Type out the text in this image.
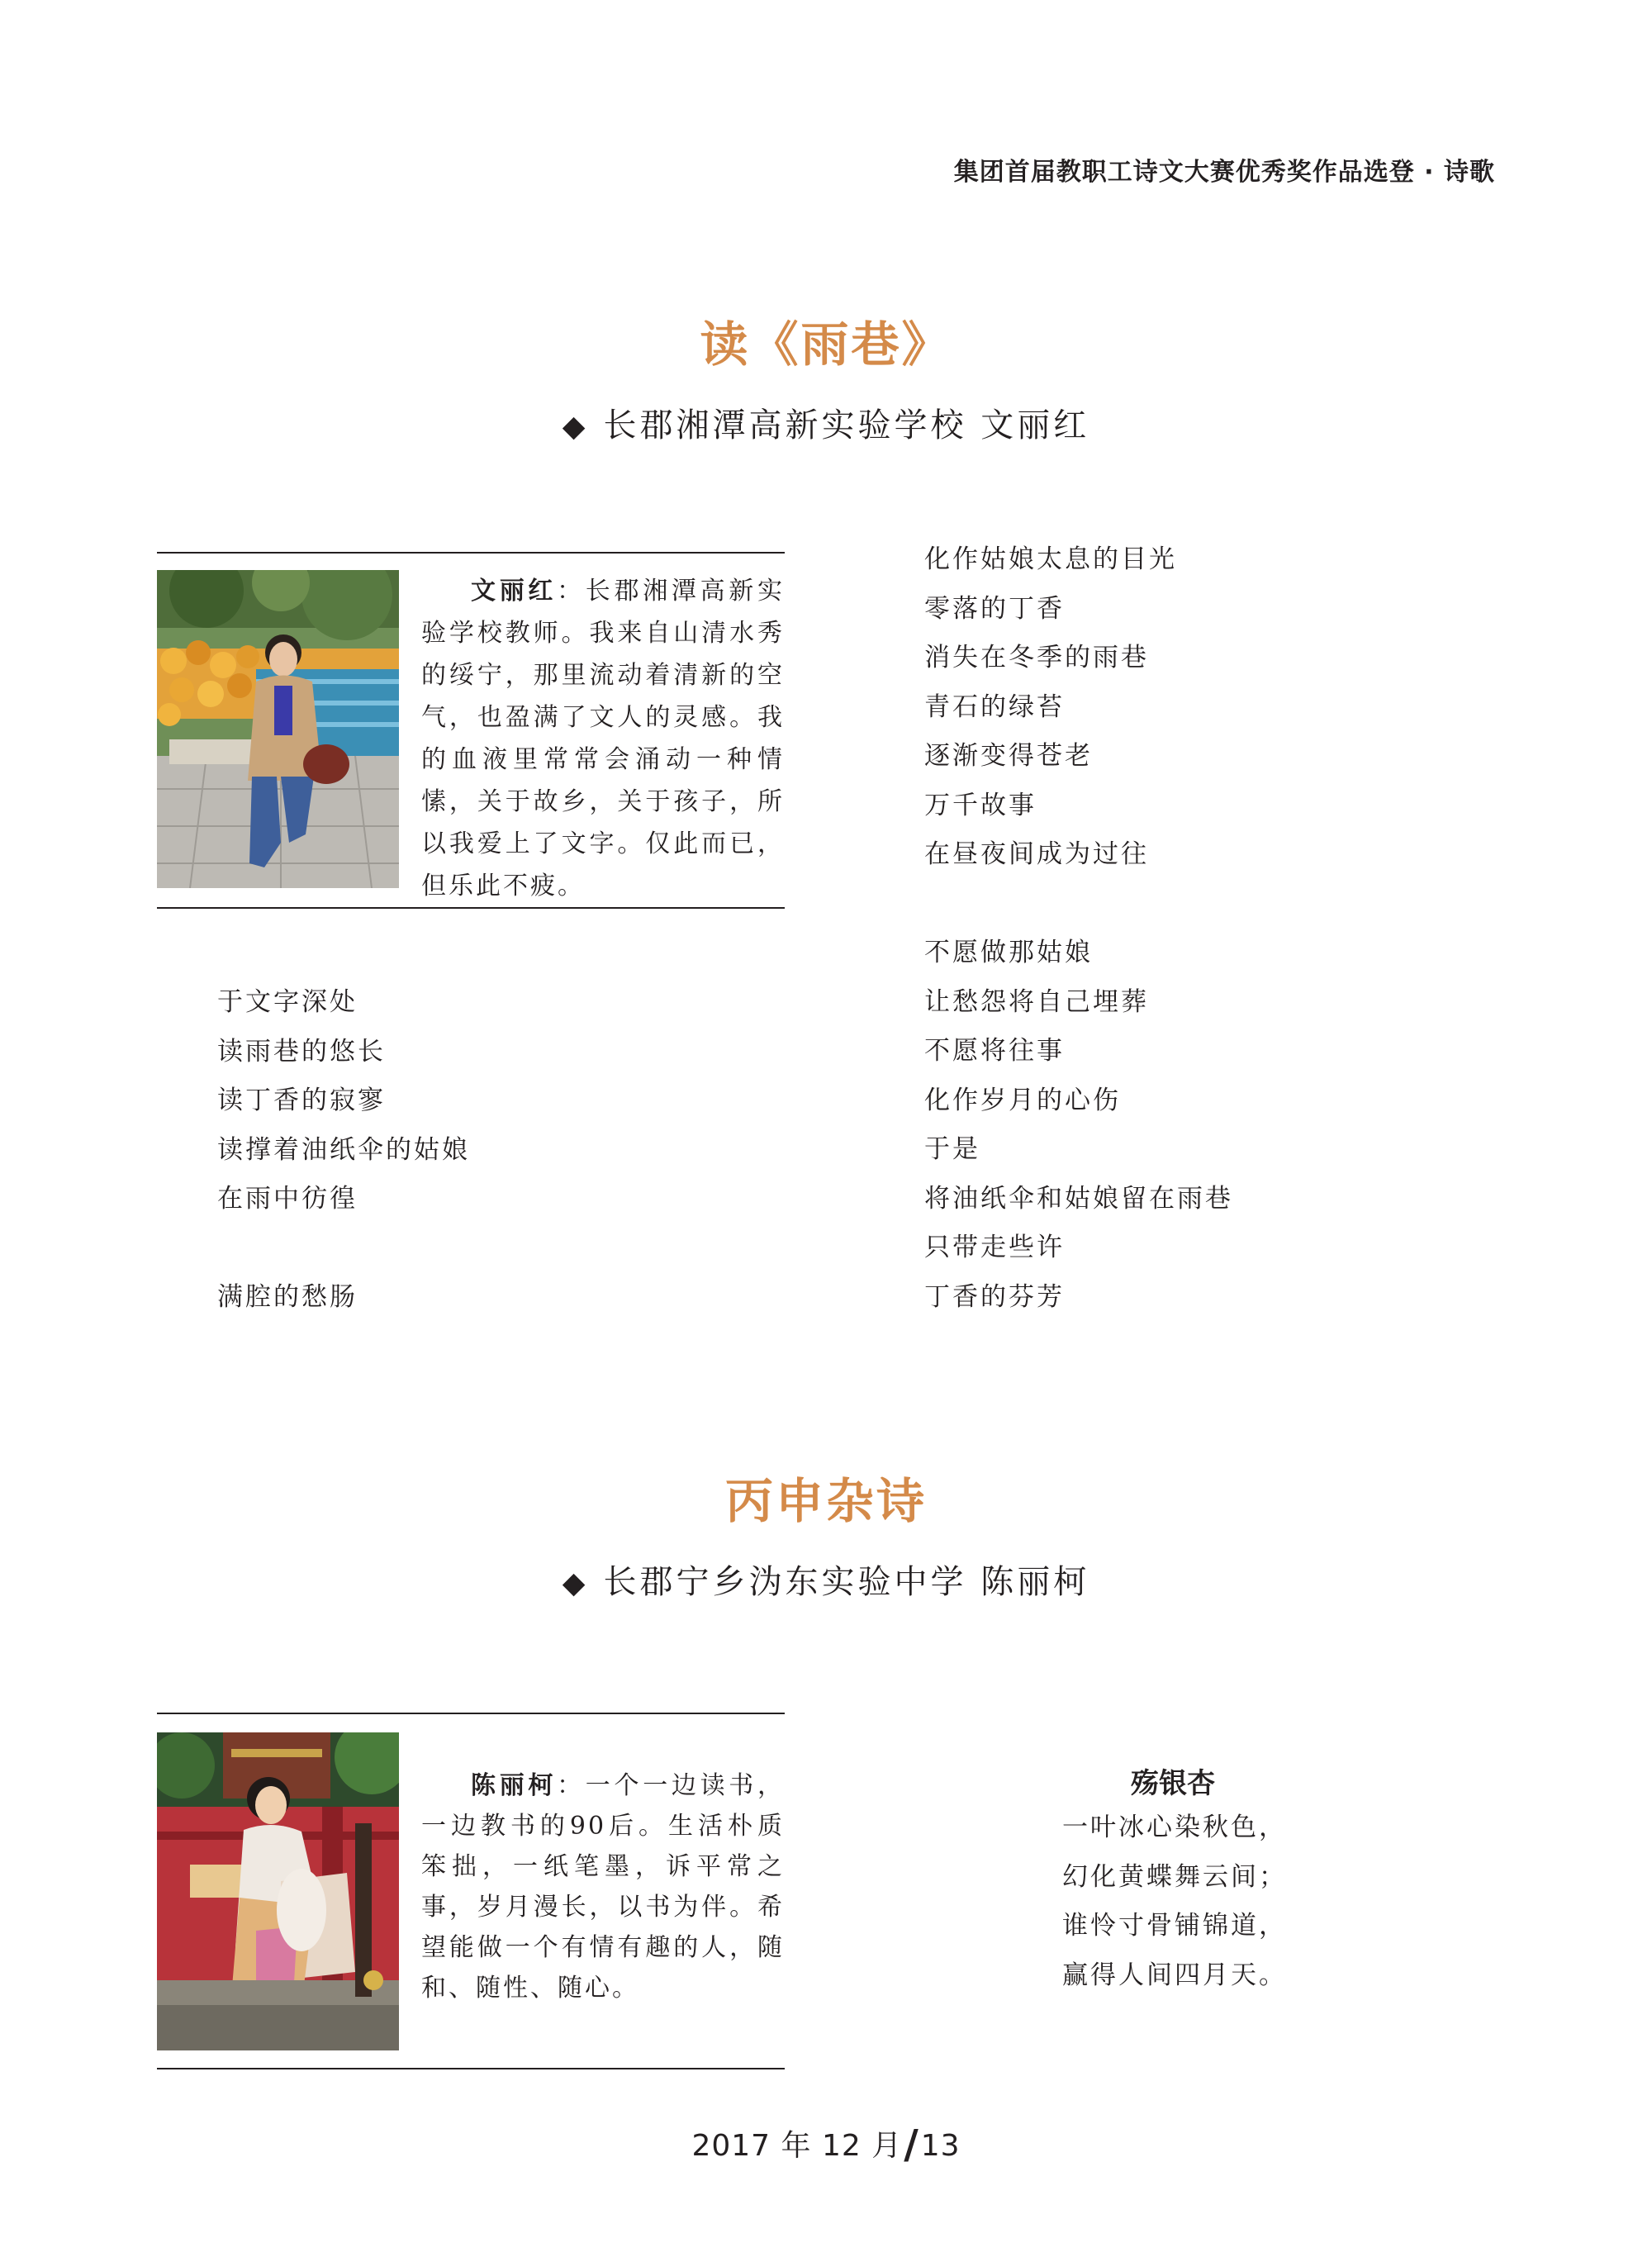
集团首届教职工诗文大赛优秀奖作品选登 · 诗歌
读《雨巷》
◆ 长郡湘潭高新实验学校 文丽红

文丽红：长郡湘潭高新实验学校教师。我来自山清水秀的绥宁，那里流动着清新的空气，也盈满了文人的灵感。我的血液里常常会涌动一种情愫，关于故乡，关于孩子，所以我爱上了文字。仅此而已，但乐此不疲。

化作姑娘太息的目光
零落的丁香
消失在冬季的雨巷
青石的绿苔
逐渐变得苍老
万千故事
在昼夜间成为过往
不愿做那姑娘
让愁怨将自己埋葬
不愿将往事
化作岁月的心伤
于是
将油纸伞和姑娘留在雨巷
只带走些许
丁香的芬芳
于文字深处
读雨巷的悠长
读丁香的寂寥
读撑着油纸伞的姑娘
在雨中彷徨
满腔的愁肠
丙申杂诗
◆ 长郡宁乡沩东实验中学 陈丽柯

陈丽柯：一个一边读书，一边教书的90后。生活朴质笨拙，一纸笔墨，诉平常之事，岁月漫长，以书为伴。希望能做一个有情有趣的人，随和、随性、随心。

殇银杏
一叶冰心染秋色，
幻化黄蝶舞云间；
谁怜寸骨铺锦道，
赢得人间四月天。
2017 年 12 月/13
